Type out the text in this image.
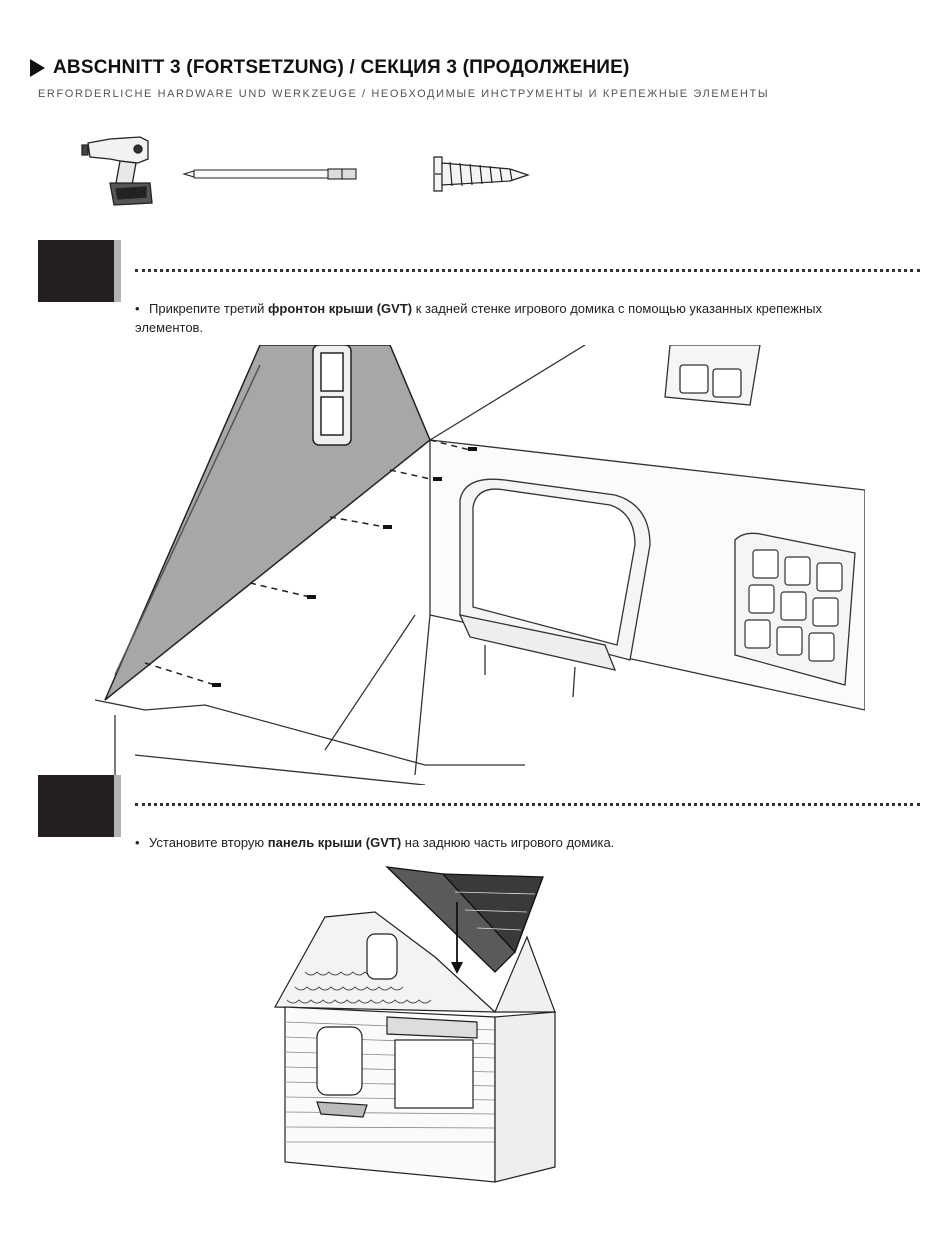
ABSCHNITT 3 (FORTSETZUNG) / СЕКЦИЯ 3 (ПРОДОЛЖЕНИЕ)
ERFORDERLICHE HARDWARE UND WERKZEUGE / НЕОБХОДИМЫЕ ИНСТРУМЕНТЫ И КРЕПЕЖНЫЕ ЭЛЕМЕНТЫ
• Прикрепите третий фронтон крыши (GVT) к задней стенке игрового домика с помощью указанных крепежных элементов.
• Установите вторую панель крыши (GVT) на заднюю часть игрового домика.
